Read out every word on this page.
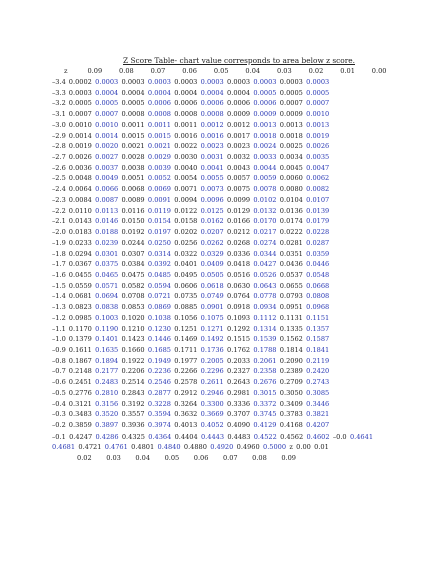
Z Score Table- chart value corresponds to area below z score.
z	0.09	0.08	0.07	0.06	0.05	0.04	0.03	0.02	0.01	0.00
–3.4 0.0002 0.0003 0.0003 0.0003 0.0003 0.0003 0.0003 0.0003 0.0003 0.0003
–3.3 0.0003 0.0004 0.0004 0.0004 0.0004 0.0004 0.0004 0.0005 0.0005 0.0005
–3.2 0.0005 0.0005 0.0005 0.0006 0.0006 0.0006 0.0006 0.0006 0.0007 0.0007
–3.1 0.0007 0.0007 0.0008 0.0008 0.0008 0.0008 0.0009 0.0009 0.0009 0.0010
–3.0 0.0010 0.0010 0.0011 0.0011 0.0011 0.0012 0.0012 0.0013 0.0013 0.0013
–2.9 0.0014 0.0014 0.0015 0.0015 0.0016 0.0016 0.0017 0.0018 0.0018 0.0019
–2.8 0.0019 0.0020 0.0021 0.0021 0.0022 0.0023 0.0023 0.0024 0.0025 0.0026
–2.7 0.0026 0.0027 0.0028 0.0029 0.0030 0.0031 0.0032 0.0033 0.0034 0.0035
–2.6 0.0036 0.0037 0.0038 0.0039 0.0040 0.0041 0.0043 0.0044 0.0045 0.0047
–2.5 0.0048 0.0049 0.0051 0.0052 0.0054 0.0055 0.0057 0.0059 0.0060 0.0062
–2.4 0.0064 0.0066 0.0068 0.0069 0.0071 0.0073 0.0075 0.0078 0.0080 0.0082
–2.3 0.0084 0.0087 0.0089 0.0091 0.0094 0.0096 0.0099 0.0102 0.0104 0.0107
–2.2 0.0110 0.0113 0.0116 0.0119 0.0122 0.0125 0.0129 0.0132 0.0136 0.0139
–2.1 0.0143 0.0146 0.0150 0.0154 0.0158 0.0162 0.0166 0.0170 0.0174 0.0179
–2.0 0.0183 0.0188 0.0192 0.0197 0.0202 0.0207 0.0212 0.0217 0.0222 0.0228
–1.9 0.0233 0.0239 0.0244 0.0250 0.0256 0.0262 0.0268 0.0274 0.0281 0.0287
–1.8 0.0294 0.0301 0.0307 0.0314 0.0322 0.0329 0.0336 0.0344 0.0351 0.0359
–1.7 0.0367 0.0375 0.0384 0.0392 0.0401 0.0409 0.0418 0.0427 0.0436 0.0446
–1.6 0.0455 0.0465 0.0475 0.0485 0.0495 0.0505 0.0516 0.0526 0.0537 0.0548
–1.5 0.0559 0.0571 0.0582 0.0594 0.0606 0.0618 0.0630 0.0643 0.0655 0.0668
–1.4 0.0681 0.0694 0.0708 0.0721 0.0735 0.0749 0.0764 0.0778 0.0793 0.0808
–1.3 0.0823 0.0838 0.0853 0.0869 0.0885 0.0901 0.0918 0.0934 0.0951 0.0968
–1.2 0.0985 0.1003 0.1020 0.1038 0.1056 0.1075 0.1093 0.1112 0.1131 0.1151
–1.1 0.1170 0.1190 0.1210 0.1230 0.1251 0.1271 0.1292 0.1314 0.1335 0.1357
–1.0 0.1379 0.1401 0.1423 0.1446 0.1469 0.1492 0.1515 0.1539 0.1562 0.1587
–0.9 0.1611 0.1635 0.1660 0.1685 0.1711 0.1736 0.1762 0.1788 0.1814 0.1841
–0.8 0.1867 0.1894 0.1922 0.1949 0.1977 0.2005 0.2033 0.2061 0.2090 0.2119
–0.7 0.2148 0.2177 0.2206 0.2236 0.2266 0.2296 0.2327 0.2358 0.2389 0.2420
–0.6 0.2451 0.2483 0.2514 0.2546 0.2578 0.2611 0.2643 0.2676 0.2709 0.2743
–0.5 0.2776 0.2810 0.2843 0.2877 0.2912 0.2946 0.2981 0.3015 0.3050 0.3085
–0.4 0.3121 0.3156 0.3192 0.3228 0.3264 0.3300 0.3336 0.3372 0.3409 0.3446
–0.3 0.3483 0.3520 0.3557 0.3594 0.3632 0.3669 0.3707 0.3745 0.3783 0.3821
–0.2 0.3859 0.3897 0.3936 0.3974 0.4013 0.4052 0.4090 0.4129 0.4168 0.4207
–0.1 0.4247 0.4286 0.4325 0.4364 0.4404 0.4443 0.4483 0.4522 0.4562 0.4602 –0.0 0.4641
0.4681 0.4721 0.4761 0.4801 0.4840 0.4880 0.4920 0.4960 0.5000 z 0.00 0.01
0.02 0.03 0.04 0.05 0.06 0.07 0.08 0.09
